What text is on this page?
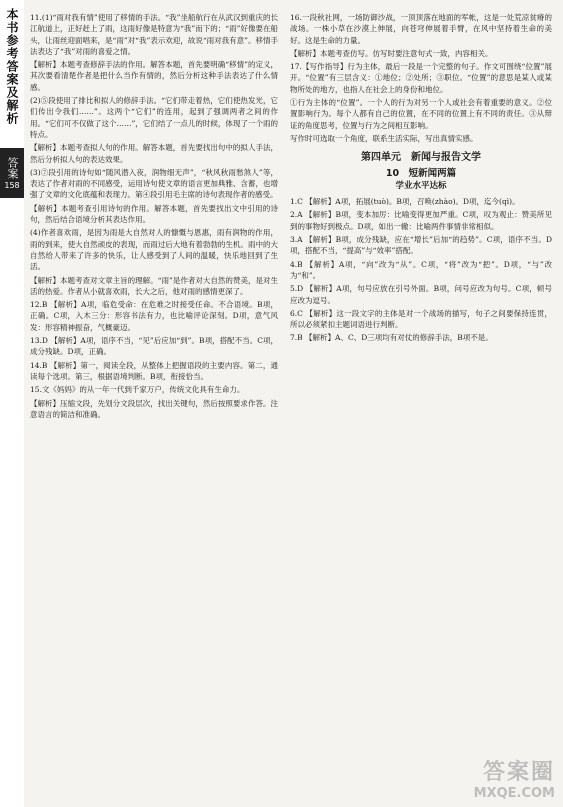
本书参考答案及解析
答案
158

11.(1)“雨对我有情”使用了移情的手法。“我”坐船航行在从武汉到重庆的长江航道上，正好赶上了雨，这雨好像是特意为“我”而下的；“雨”好像要在船头，让雨丝迎面唱来，是“雨”对“我”表示欢迎，故说“雨对我有意”。移情手法表达了“我”对雨的喜爱之情。

【解析】本题考查修辞手法的作用。解答本题，首先要明确“移情”的定义，其次要看清楚作者是把什么当作有情的，然后分析这种手法表达了什么情感。

(2)⑤段使用了排比和拟人的修辞手法。“它们带走着热，它们使热发光，它们传出令我们……”。这两个“它们”的连用，起到了强调两者之间的作用。“它们可不仅做了这个……”，它们结了一点儿的时候，体现了一个雨的特点。

【解析】本题考查拟人句的作用。解答本题，首先要找出句中的拟人手法，然后分析拟人句的表达效果。

(3)⑦段引用的诗句如“随风潜入夜，润物细无声”，“秋风秋雨愁煞人”等，表达了作者对雨的不同感受，运用诗句使文章的语言更加典雅、含蓄，也增强了文章的文化底蕴和表现力。第④段引用毛主席的诗句表现作者的感受。

【解析】本题考查引用诗句的作用。解答本题，首先要找出文中引用的诗句，然后结合语境分析其表达作用。

(4)作者喜欢雨，是因为雨是大自然对人的慷慨与恩惠，雨有润物的作用，雨的到来，使大自然顽皮的表现，而雨过后大地有着勃勃的生机。雨中的大自然给人带来了许多的快乐，让人感受到了人间的温暖，快乐地回到了生活。

【解析】本题考查对文章主旨的理解。“雨”是作者对大自然的赞美，是对生活的热爱。作者从小就喜欢雨，长大之后，他对雨的感情更深了。

12.B 【解析】A项，临危受命：在危难之时接受任命。不合语境。B项，正确。C项，入木三分：形容书法有力，也比喻评论深刻。D项，意气风发：形容精神振奋，气概豪迈。

13.D 【解析】A项，语序不当，“见”后应加“到”。B项，搭配不当。C项，成分残缺。D项，正确。

14.B 【解析】第一，阅读全段，从整体上把握语段的主要内容。第二，通读每个选项。第三，根据语境判断。B项，衔接恰当。

15.文《妈妈》的从一年一代到千家万户，传统文化具有生命力。

【解析】压缩文段，先划分文段层次，找出关键句，然后按照要求作答。注意语言的简洁和准确。

16.一段秋社网，一场防御沙战，一顶顶落在地面的军帐，这是一处荒凉贫瘠的战场。一株小草在沙漠上伸展，向苍穹伸展着手臂，在风中坚持着生命的美好。这是生命的力量。

【解析】本题考查仿写。仿写时要注意句式一致，内容相关。

17.【写作指导】行为主体，最后一段是一个完整的句子。作文可围绕“位置”展开。“位置”有三层含义：①地位；②处所；③职位。“位置”的意思是某人或某物所处的地方，也指人在社会上的身份和地位。

①行为主体的“位置”。一个人的行为对另一个人或社会有着重要的意义。②位置影响行为。每个人都有自己的位置，在不同的位置上有不同的责任。③从辩证的角度思考，位置与行为之间相互影响。

写作时可选取一个角度，联系生活实际，写出真情实感。

第四单元　新闻与报告文学
10　短新闻两篇
学业水平达标

1.C 【解析】A项，拓展(tuò)。B项，召唤(zhào)。D项，迄今(qì)。

2.A 【解析】B项，变本加厉：比喻变得更加严重。C项，叹为观止：赞美所见到的事物好到极点。D项，如出一辙：比喻两件事情非常相似。

3.A 【解析】B项，成分残缺，应在“增长”后加“的趋势”。C项，语序不当。D项，搭配不当，“提高”与“效率”搭配。

4.B 【解析】A项，“向”改为“从”。C项，“将”改为“把”。D项，“与”改为“和”。

5.D 【解析】A项，句号应放在引号外面。B项，问号应改为句号。C项，顿号应改为逗号。

6.C 【解析】这一段文字的主体是对一个战场的描写，句子之间要保持连贯，所以必须紧扣主题词语进行判断。

7.B 【解析】A、C、D三项均有对仗的修辞手法，B项不是。

答案圈
MXQE.COM
